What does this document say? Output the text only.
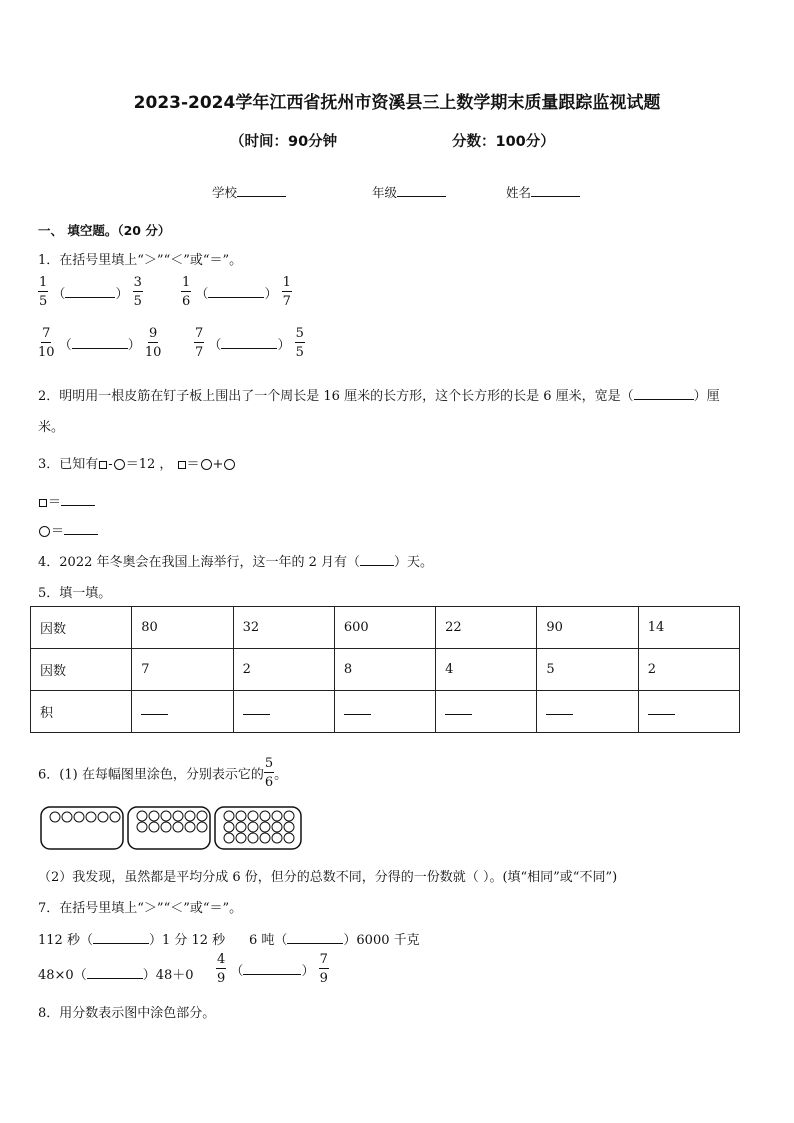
2023-2024学年江西省抚州市资溪县三上数学期末质量跟踪监视试题
（时间：90分钟	分数：100分）
学校	年级	姓名
一、 填空题。（20 分）
1．在括号里填上“＞”“＜”或“＝”。
$\frac{1}{5}$ （	） $\frac{3}{5}$	$\frac{1}{6}$ （	） $\frac{1}{7}$
$\frac{7}{10}$ （	） $\frac{9}{10}$	$\frac{7}{7}$ （	） $\frac{5}{5}$
2．明明用一根皮筋在钉子板上围出了一个周长是 16 厘米的长方形，这个长方形的长是 6 厘米，宽是（	）厘
米。
3．已知有 - ＝12 ， ＝ +
＝
＝
4．2022 年冬奥会在我国上海举行，这一年的 2 月有（	）天。
5．填一填。
因数	80	32	600	22	90	14
因数	7	2	8	4	5	2
积						
6．(1) 在每幅图里涂色，分别表示它的 $\frac{5}{6}$ 。
（2）我发现，虽然都是平均分成 6 份，但分的总数不同，分得的一份数就（ ）。(填“相同”或“不同”)
7．在括号里填上“＞”“＜”或“＝”。
112 秒（	）1 分 12 秒 6 吨（	）6000 千克
48×0（	）$48+0 \frac{4}{9}$ （	） $\frac{7}{9}$
8．用分数表示图中涂色部分。
